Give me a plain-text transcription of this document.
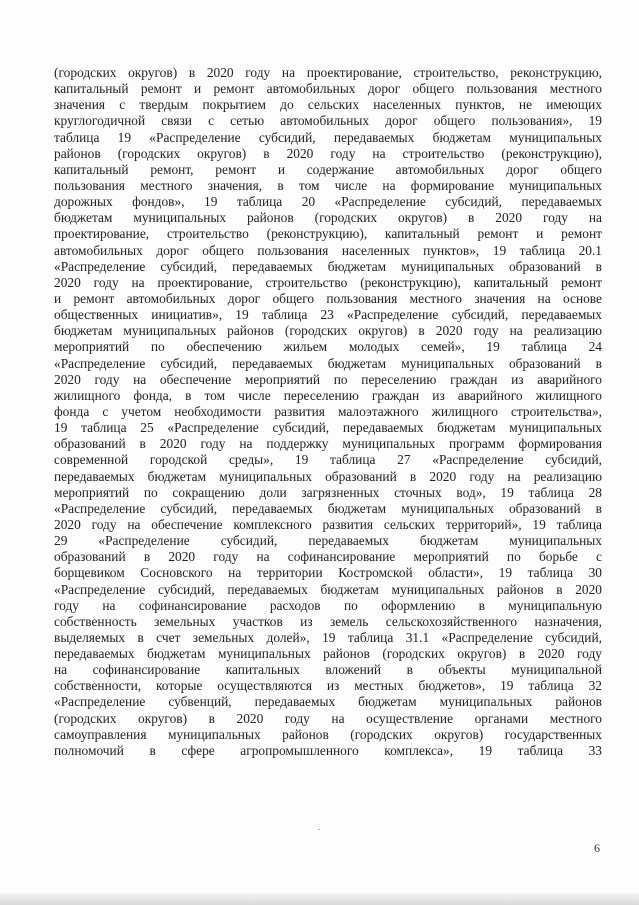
(городских округов) в 2020 году на проектирование, строительство, реконструкцию,
капитальный ремонт и ремонт автомобильных дорог общего пользования местного
значения с твердым покрытием до сельских населенных пунктов, не имеющих
круглогодичной связи с сетью автомобильных дорог общего пользования», 19
таблица 19 «Распределение субсидий, передаваемых бюджетам муниципальных
районов (городских округов) в 2020 году на строительство (реконструкцию),
капитальный ремонт, ремонт и содержание автомобильных дорог общего
пользования местного значения, в том числе на формирование муниципальных
дорожных фондов», 19 таблица 20 «Распределение субсидий, передаваемых
бюджетам муниципальных районов (городских округов) в 2020 году на
проектирование, строительство (реконструкцию), капитальный ремонт и ремонт
автомобильных дорог общего пользования населенных пунктов», 19 таблица 20.1
«Распределение субсидий, передаваемых бюджетам муниципальных образований в
2020 году на проектирование, строительство (реконструкцию), капитальный ремонт
и ремонт автомобильных дорог общего пользования местного значения на основе
общественных инициатив», 19 таблица 23 «Распределение субсидий, передаваемых
бюджетам муниципальных районов (городских округов) в 2020 году на реализацию
мероприятий по обеспечению жильем молодых семей», 19 таблица 24
«Распределение субсидий, передаваемых бюджетам муниципальных образований в
2020 году на обеспечение мероприятий по переселению граждан из аварийного
жилищного фонда, в том числе переселению граждан из аварийного жилищного
фонда с учетом необходимости развития малоэтажного жилищного строительства»,
19 таблица 25 «Распределение субсидий, передаваемых бюджетам муниципальных
образований в 2020 году на поддержку муниципальных программ формирования
современной городской среды», 19 таблица 27 «Распределение субсидий,
передаваемых бюджетам муниципальных образований в 2020 году на реализацию
мероприятий по сокращению доли загрязненных сточных вод», 19 таблица 28
«Распределение субсидий, передаваемых бюджетам муниципальных образований в
2020 году на обеспечение комплексного развития сельских территорий», 19 таблица
29 «Распределение субсидий, передаваемых бюджетам муниципальных
образований в 2020 году на софинансирование мероприятий по борьбе с
борщевиком Сосновского на территории Костромской области», 19 таблица 30
«Распределение субсидий, передаваемых бюджетам муниципальных районов в 2020
году на софинансирование расходов по оформлению в муниципальную
собственность земельных участков из земель сельскохозяйственного назначения,
выделяемых в счет земельных долей», 19 таблица 31.1 «Распределение субсидий,
передаваемых бюджетам муниципальных районов (городских округов) в 2020 году
на софинансирование капитальных вложений в объекты муниципальной
собственности, которые осуществляются из местных бюджетов», 19 таблица 32
«Распределение субвенций, передаваемых бюджетам муниципальных районов
(городских округов) в 2020 году на осуществление органами местного
самоуправления муниципальных районов (городских округов) государственных
полномочий в сфере агропромышленного комплекса», 19 таблица 33
6
